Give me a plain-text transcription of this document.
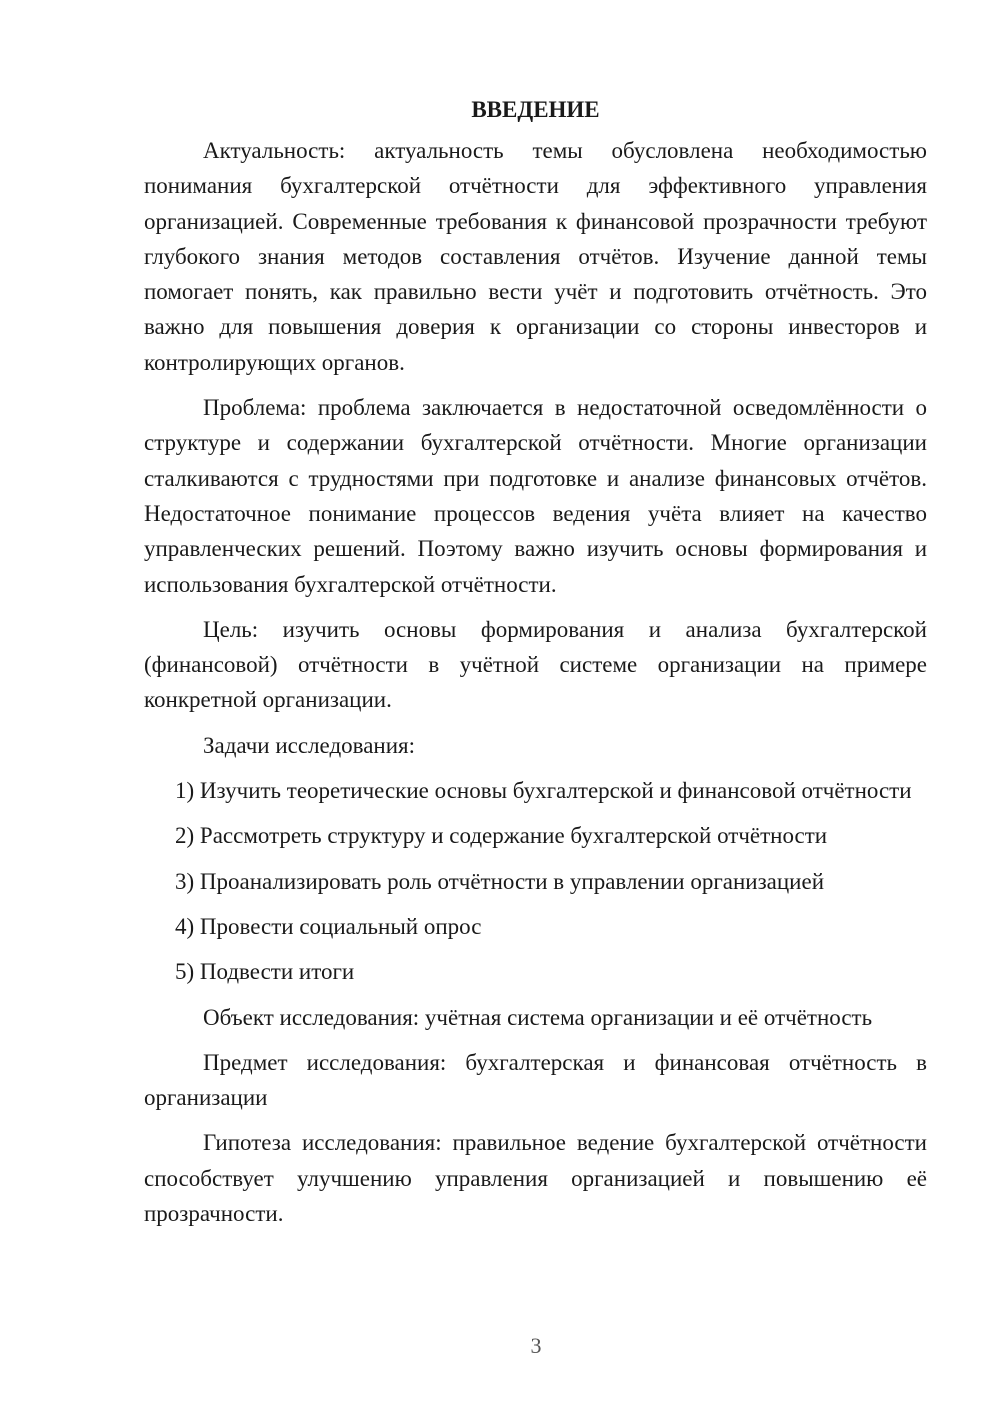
ВВЕДЕНИЕ

Актуальность: актуальность темы обусловлена необходимостью понимания бухгалтерской отчётности для эффективного управления организацией. Современные требования к финансовой прозрачности требуют глубокого знания методов составления отчётов. Изучение данной темы помогает понять, как правильно вести учёт и подготовить отчётность. Это важно для повышения доверия к организации со стороны инвесторов и контролирующих органов.

Проблема: проблема заключается в недостаточной осведомлённости о структуре и содержании бухгалтерской отчётности. Многие организации сталкиваются с трудностями при подготовке и анализе финансовых отчётов. Недостаточное понимание процессов ведения учёта влияет на качество управленческих решений. Поэтому важно изучить основы формирования и использования бухгалтерской отчётности.

Цель: изучить основы формирования и анализа бухгалтерской (финансовой) отчётности в учётной системе организации на примере конкретной организации.

Задачи исследования:

1) Изучить теоретические основы бухгалтерской и финансовой отчётности

2) Рассмотреть структуру и содержание бухгалтерской отчётности

3) Проанализировать роль отчётности в управлении организацией

4) Провести социальный опрос

5) Подвести итоги

Объект исследования: учётная система организации и её отчётность

Предмет исследования: бухгалтерская и финансовая отчётность в организации

Гипотеза исследования: правильное ведение бухгалтерской отчётности способствует улучшению управления организацией и повышению её прозрачности.

3
